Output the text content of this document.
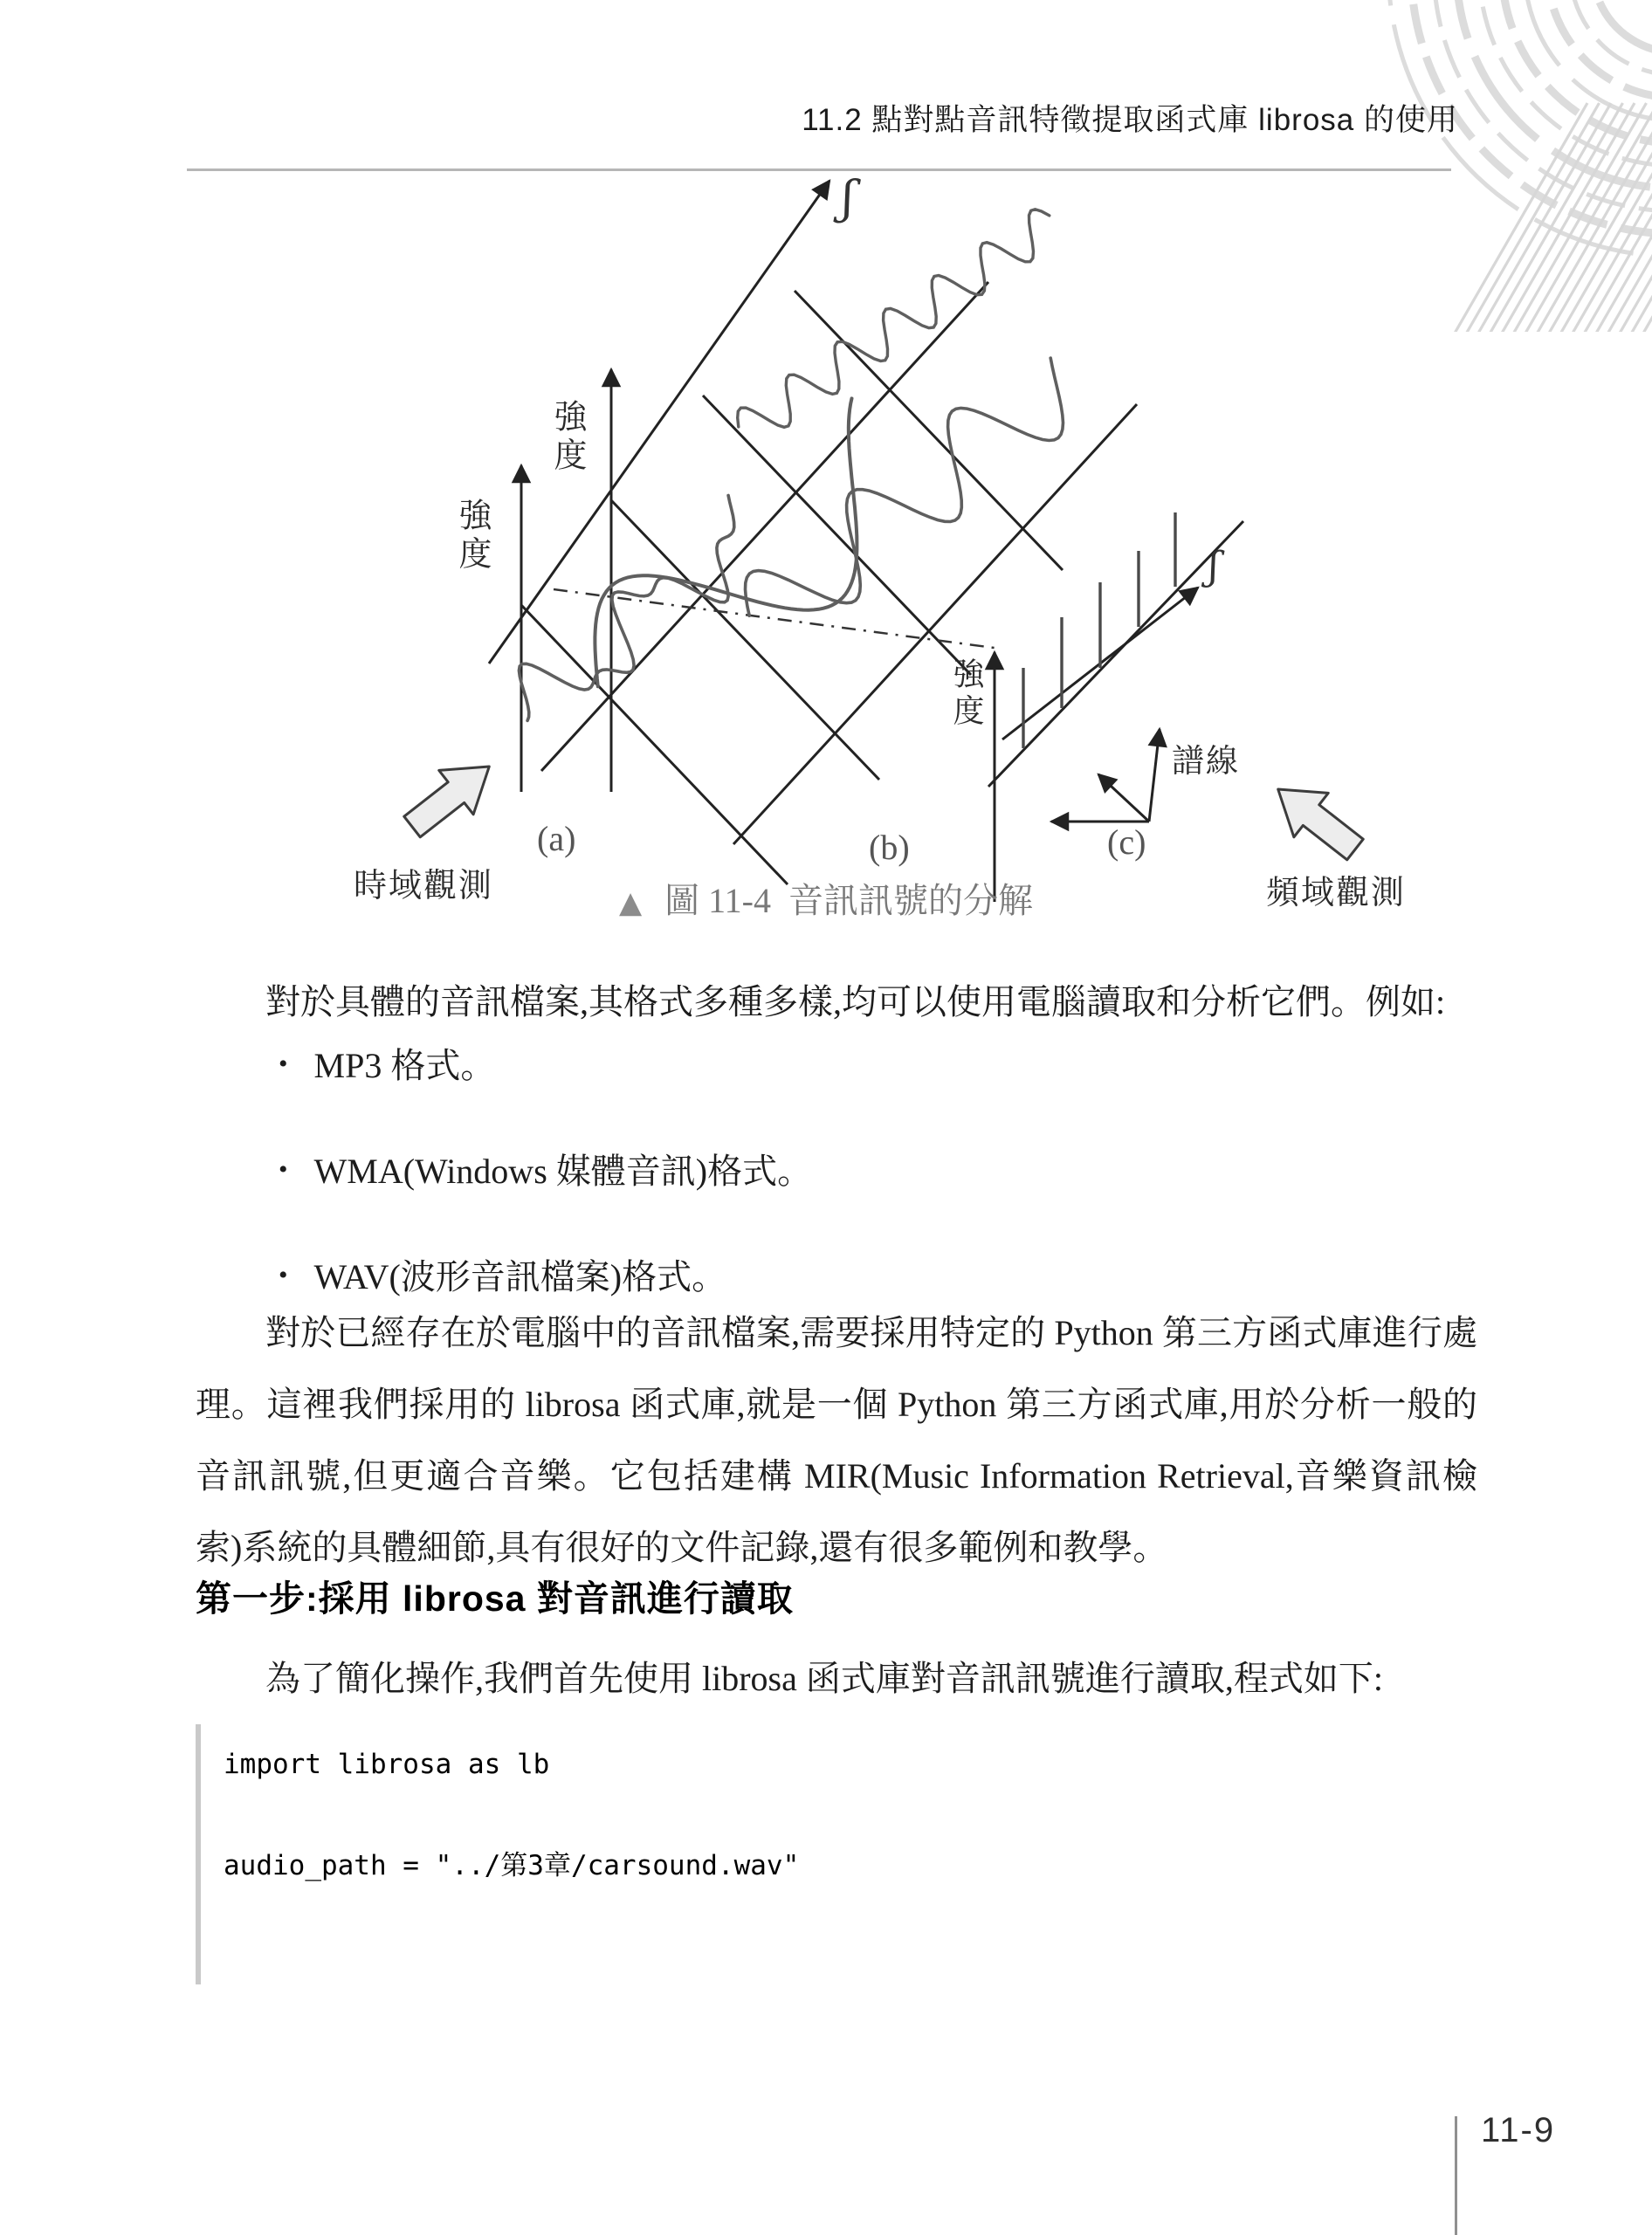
11.2 點對點音訊特徵提取函式庫 librosa 的使用
強度
強度
強度
ʃ
ʃ
譜線
(a)	(b)	(c)
時域觀測	頻域觀測
▲ 圖 11-4  音訊訊號的分解

對於具體的音訊檔案,其格式多種多樣,均可以使用電腦讀取和分析它們。例如:

• MP3 格式。
• WMA(Windows 媒體音訊)格式。
• WAV(波形音訊檔案)格式。

對於已經存在於電腦中的音訊檔案,需要採用特定的 Python 第三方函式庫進行處理。這裡我們採用的 librosa 函式庫,就是一個 Python 第三方函式庫,用於分析一般的音訊訊號,但更適合音樂。它包括建構 MIR(Music Information Retrieval,音樂資訊檢索)系統的具體細節,具有很好的文件記錄,還有很多範例和教學。

第一步:採用 librosa 對音訊進行讀取

為了簡化操作,我們首先使用 librosa 函式庫對音訊訊號進行讀取,程式如下:

import librosa as lb
audio_path = "../第3章/carsound.wav"
11-9
